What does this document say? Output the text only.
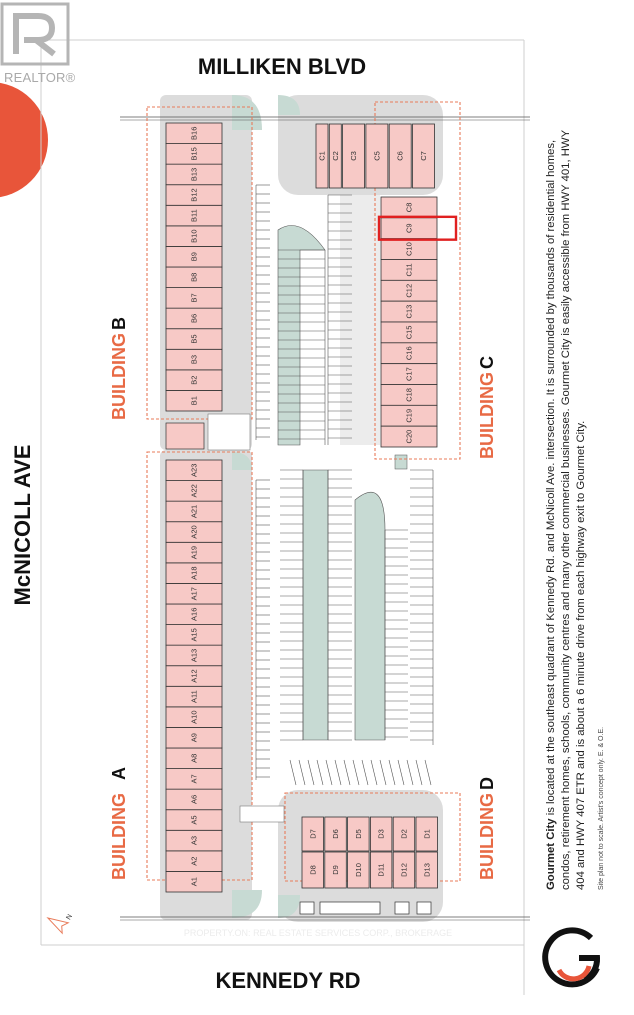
A1
A2
A3
A5
A6
A7
A8
A9
A10
A11
A12
A13
A15
A16
A17
A18
A19
A20
A21
A22
A23
B1
B2
B3
B5
B6
B7
B8
B9
B10
B11
B12
B13
B15
B16
C1 C2 C3 C5 C6 C7
C8
C9
C10
C11
C12
C13
C15
C16
C17
C18
C19
C20
D7 D6 D5 D3 D2 D1
D8 D9 D10 D11 D12 D13
MILLIKEN BLVD
KENNEDY RD
McNICOLL AVE
BUILDING
A
BUILDING
B
BUILDING
C
BUILDING
D
N
Gourmet City is located at the southeast quadrant of Kennedy Rd. and McNicoll Ave. intersection. It is surrounded by thousands of residential homes, condos, retirement homes, schools, community centres and many other commercial businesses. Gourmet City is easily accessible from HWY 401, HWY 404 and HWY 407 ETR and is about a 6 minute drive from each highway exit to Gourmet City. Site plan not to scale. Artist's concept only. E. & O.E.
PROPERTY.ON: REAL ESTATE SERVICES CORP., BROKERAGE
REALTOR®
